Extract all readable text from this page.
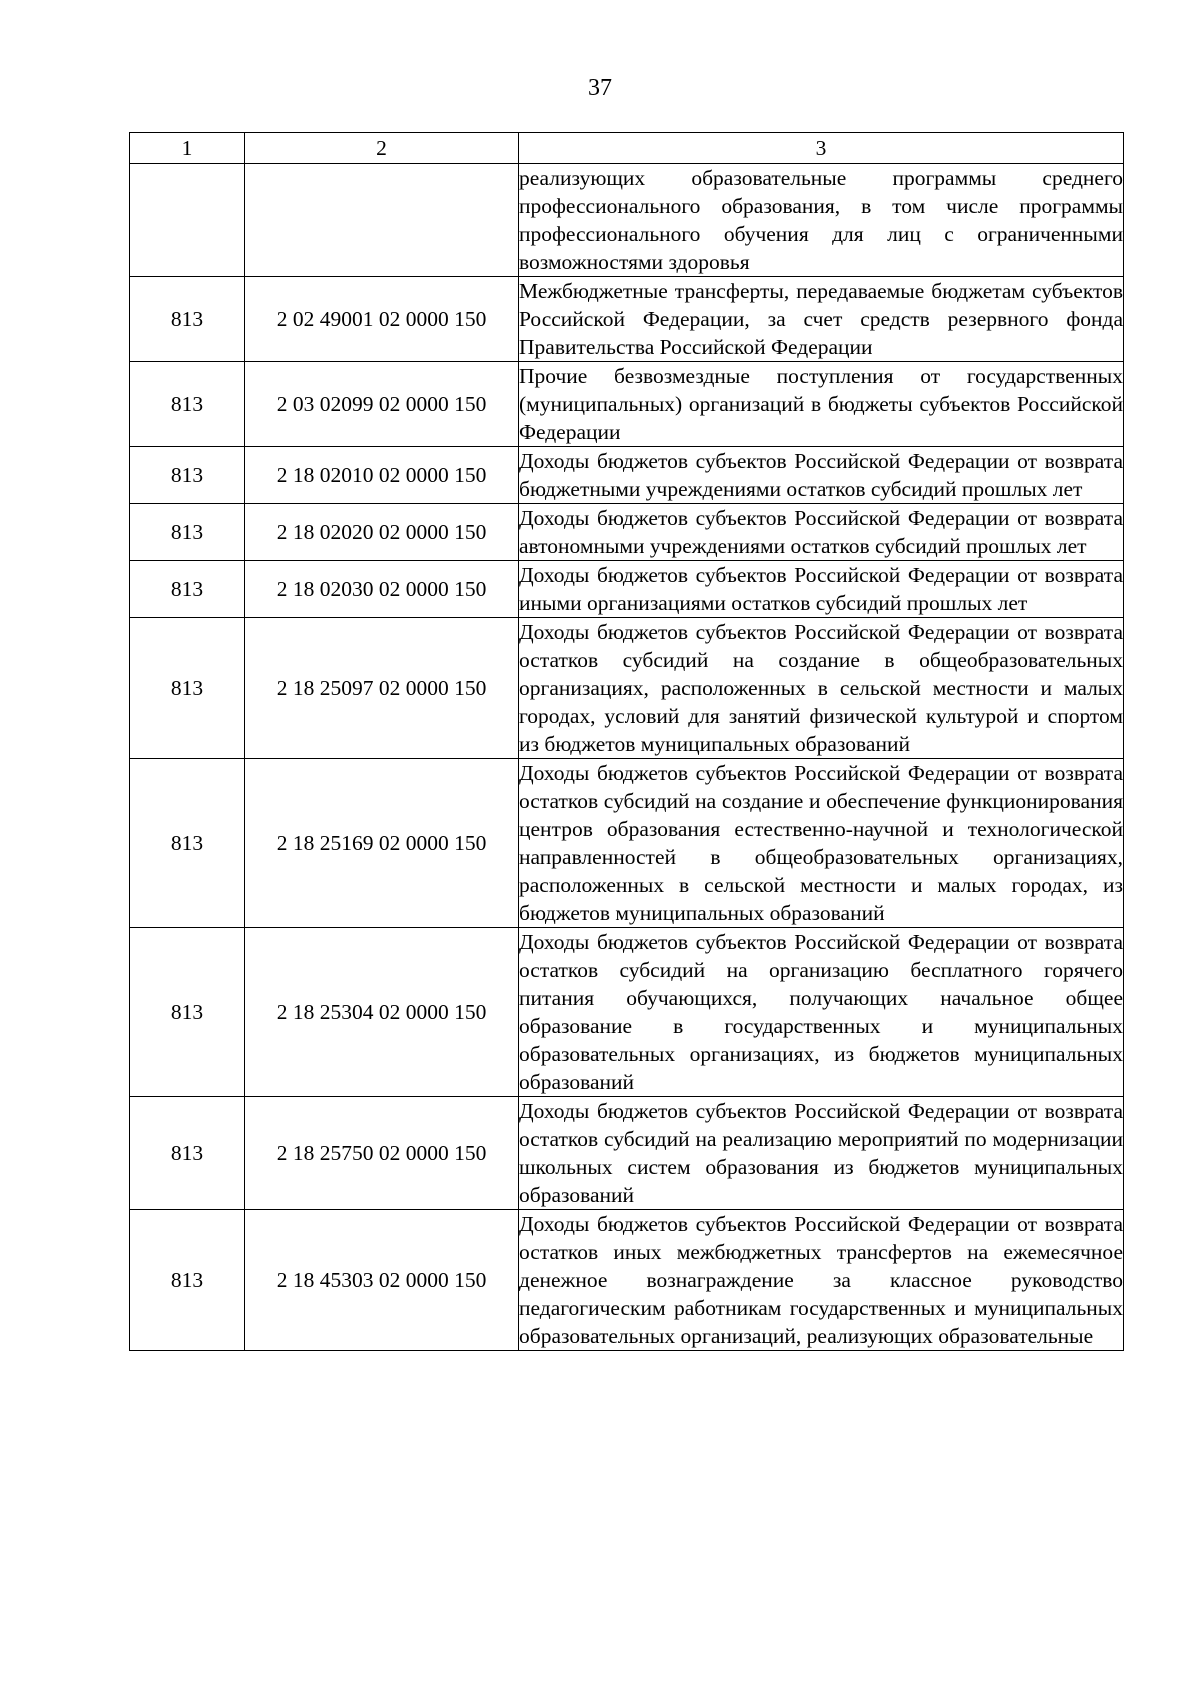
37
1	2	3
		реализующих образовательные программы среднего профессионального образования, в том числе программы профессионального обучения для лиц с ограниченными возможностями здоровья
813	2 02 49001 02 0000 150	Межбюджетные трансферты, передаваемые бюджетам субъектов Российской Федерации, за счет средств резервного фонда Правительства Российской Федерации
813	2 03 02099 02 0000 150	Прочие безвозмездные поступления от государственных (муниципальных) организаций в бюджеты субъектов Российской Федерации
813	2 18 02010 02 0000 150	Доходы бюджетов субъектов Российской Федерации от возврата бюджетными учреждениями остатков субсидий прошлых лет
813	2 18 02020 02 0000 150	Доходы бюджетов субъектов Российской Федерации от возврата автономными учреждениями остатков субсидий прошлых лет
813	2 18 02030 02 0000 150	Доходы бюджетов субъектов Российской Федерации от возврата иными организациями остатков субсидий прошлых лет
813	2 18 25097 02 0000 150	Доходы бюджетов субъектов Российской Федерации от возврата остатков субсидий на создание в общеобразовательных организациях, расположенных в сельской местности и малых городах, условий для занятий физической культурой и спортом из бюджетов муниципальных образований
813	2 18 25169 02 0000 150	Доходы бюджетов субъектов Российской Федерации от возврата остатков субсидий на создание и обеспечение функционирования центров образования естественно-научной и технологической направленностей в общеобразовательных организациях, расположенных в сельской местности и малых городах, из бюджетов муниципальных образований
813	2 18 25304 02 0000 150	Доходы бюджетов субъектов Российской Федерации от возврата остатков субсидий на организацию бесплатного горячего питания обучающихся, получающих начальное общее образование в государственных и муниципальных образовательных организациях, из бюджетов муниципальных образований
813	2 18 25750 02 0000 150	Доходы бюджетов субъектов Российской Федерации от возврата остатков субсидий на реализацию мероприятий по модернизации школьных систем образования из бюджетов муниципальных образований
813	2 18 45303 02 0000 150	Доходы бюджетов субъектов Российской Федерации от возврата остатков иных межбюджетных трансфертов на ежемесячное денежное вознаграждение за классное руководство педагогическим работникам государственных и муниципальных образовательных организаций, реализующих образовательные
